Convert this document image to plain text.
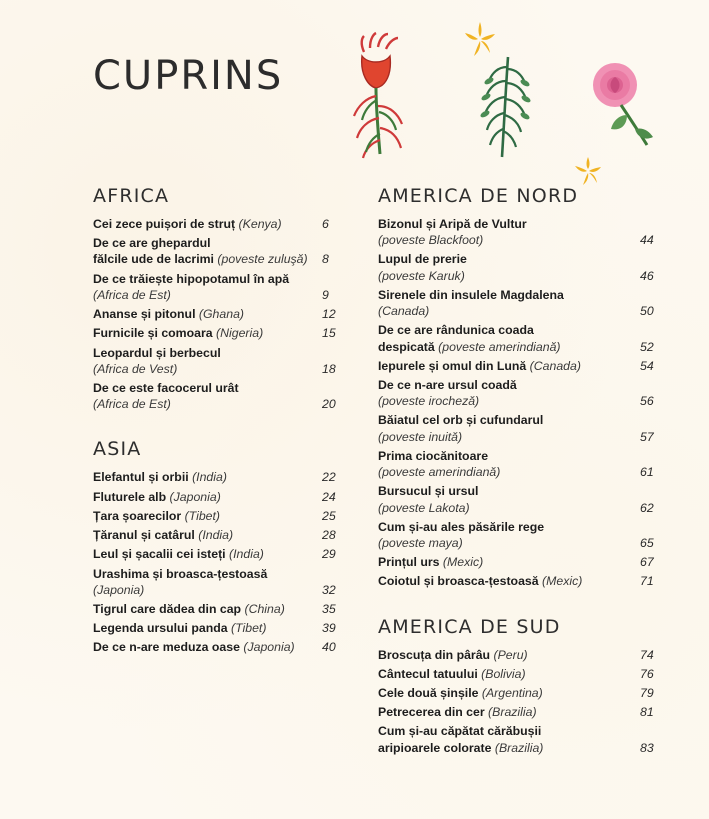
CUPRINS
AFRICA
Cei zece puișori de struț (Kenya)	6
De ce are ghepardul
fălcile ude de lacrimi (poveste zuluşă)	8
De ce trăiește hipopotamul în apă
(Africa de Est)	9
Ananse și pitonul (Ghana)	12
Furnicile și comoara (Nigeria)	15
Leopardul și berbecul
(Africa de Vest)	18
De ce este facocerul urât
(Africa de Est)	20
ASIA
Elefantul și orbii (India)	22
Fluturele alb (Japonia)	24
Țara șoarecilor (Tibet)	25
Țăranul și catârul (India)	28
Leul și șacalii cei isteți (India)	29
Urashima și broasca-țestoasă
(Japonia)	32
Tigrul care dădea din cap (China)	35
Legenda ursului panda (Tibet)	39
De ce n-are meduza oase (Japonia)	40
AMERICA DE NORD
Bizonul și Aripă de Vultur
(poveste Blackfoot)	44
Lupul de prerie
(poveste Karuk)	46
Sirenele din insulele Magdalena
(Canada)	50
De ce are rândunica coada
despicată (poveste amerindiană)	52
Iepurele și omul din Lună (Canada)	54
De ce n-are ursul coadă
(poveste irocheză)	56
Băiatul cel orb și cufundarul
(poveste inuită)	57
Prima ciocănitoare
(poveste amerindiană)	61
Bursucul și ursul
(poveste Lakota)	62
Cum și-au ales păsările rege
(poveste maya)	65
Prințul urs (Mexic)	67
Coiotul și broasca-țestoasă (Mexic)	71
AMERICA DE SUD
Broscuța din pârâu (Peru)	74
Cântecul tatuului (Bolivia)	76
Cele două șinșile (Argentina)	79
Petrecerea din cer (Brazilia)	81
Cum și-au căpătat cărăbușii
aripioarele colorate (Brazilia)	83
